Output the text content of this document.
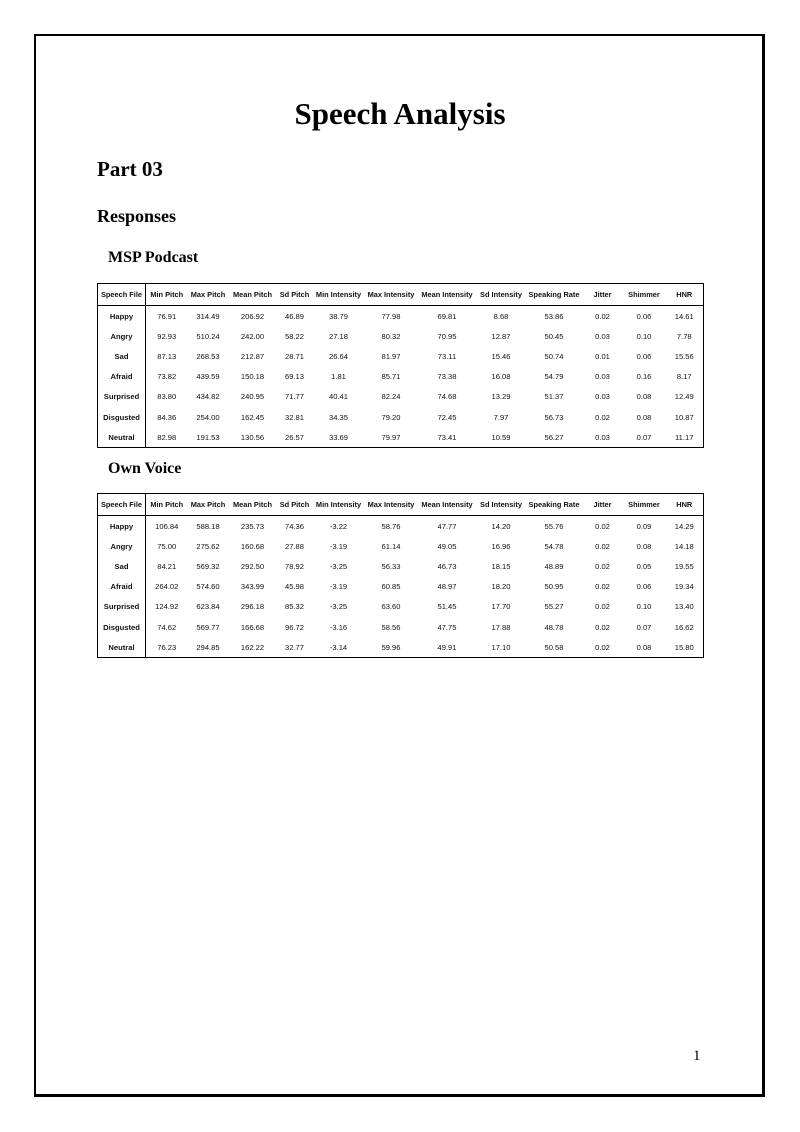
Speech Analysis
Part 03
Responses
MSP Podcast
Speech File	Min Pitch	Max Pitch	Mean Pitch	Sd Pitch	Min Intensity	Max Intensity	Mean Intensity	Sd Intensity	Speaking Rate	Jitter	Shimmer	HNR
Happy	76.91	314.49	206.92	46.89	38.79	77.98	69.81	8.68	53.86	0.02	0.06	14.61
Angry	92.93	510.24	242.00	58.22	27.18	80.32	70.95	12.87	50.45	0.03	0.10	7.78
Sad	87.13	268.53	212.87	28.71	26.64	81.97	73.11	15.46	50.74	0.01	0.06	15.56
Afraid	73.82	439.59	150.18	69.13	1.81	85.71	73.38	16.08	54.79	0.03	0.16	8.17
Surprised	83.80	434.82	240.95	71.77	40.41	82.24	74.68	13.29	51.37	0.03	0.08	12.49
Disgusted	84.36	254.00	162.45	32.81	34.35	79.20	72.45	7.97	56.73	0.02	0.08	10.87
Neutral	82.98	191.53	130.56	26.57	33.69	79.97	73.41	10.59	56.27	0.03	0.07	11.17
Own Voice
Speech File	Min Pitch	Max Pitch	Mean Pitch	Sd Pitch	Min Intensity	Max Intensity	Mean Intensity	Sd Intensity	Speaking Rate	Jitter	Shimmer	HNR
Happy	106.84	588.18	235.73	74.36	-3.22	58.76	47.77	14.20	55.76	0.02	0.09	14.29
Angry	75.00	275.62	160.68	27.88	-3.19	61.14	49.05	16.96	54.78	0.02	0.08	14.18
Sad	84.21	569.32	292.50	78.92	-3.25	56.33	46.73	18.15	48.89	0.02	0.05	19.55
Afraid	264.02	574.60	343.99	45.98	-3.19	60.85	48.97	18.20	50.95	0.02	0.06	19.34
Surprised	124.92	623.84	296.18	85.32	-3.25	63.60	51.45	17.70	55.27	0.02	0.10	13.40
Disgusted	74.62	569.77	166.68	96.72	-3.16	58.56	47.75	17.88	48.78	0.02	0.07	16.62
Neutral	76.23	294.85	162.22	32.77	-3.14	59.96	49.91	17.10	50.58	0.02	0.08	15.80
1
